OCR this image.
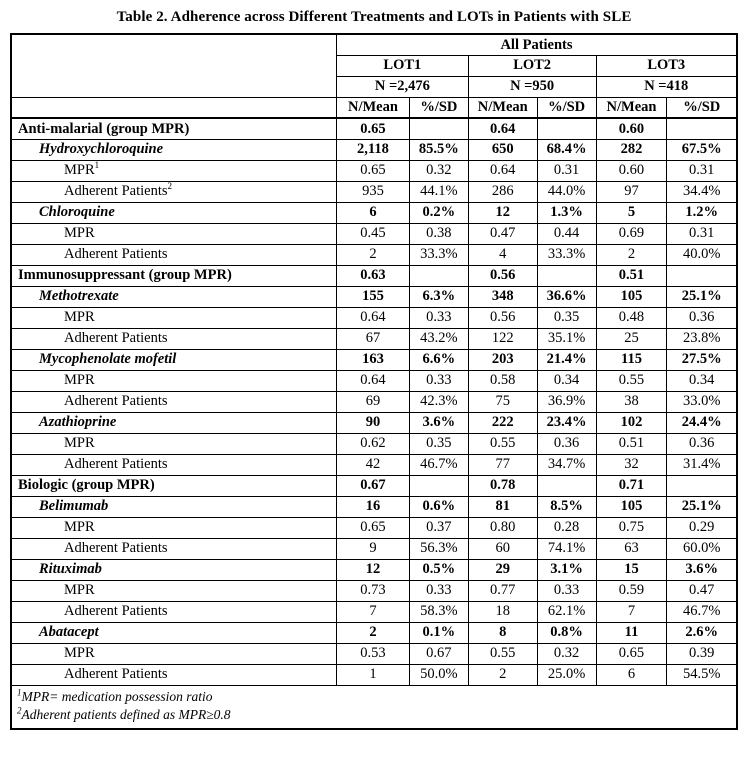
Table 2. Adherence across Different Treatments and LOTs in Patients with SLE
	All Patients					
	LOT1		LOT2		LOT3	
	N =2,476		N =950		N =418	
	N/Mean	%/SD	N/Mean	%/SD	N/Mean	%/SD
Anti-malarial (group MPR)	0.65		0.64		0.60	
Hydroxychloroquine	2,118	85.5%	650	68.4%	282	67.5%
MPR$^1$	0.65	0.32	0.64	0.31	0.60	0.31
Adherent Patients$^2$	935	44.1%	286	44.0%	97	34.4%
Chloroquine	6	0.2%	12	1.3%	5	1.2%
MPR	0.45	0.38	0.47	0.44	0.69	0.31
Adherent Patients	2	33.3%	4	33.3%	2	40.0%
Immunosuppressant (group MPR)	0.63		0.56		0.51	
Methotrexate	155	6.3%	348	36.6%	105	25.1%
MPR	0.64	0.33	0.56	0.35	0.48	0.36
Adherent Patients	67	43.2%	122	35.1%	25	23.8%
Mycophenolate mofetil	163	6.6%	203	21.4%	115	27.5%
MPR	0.64	0.33	0.58	0.34	0.55	0.34
Adherent Patients	69	42.3%	75	36.9%	38	33.0%
Azathioprine	90	3.6%	222	23.4%	102	24.4%
MPR	0.62	0.35	0.55	0.36	0.51	0.36
Adherent Patients	42	46.7%	77	34.7%	32	31.4%
Biologic (group MPR)	0.67		0.78		0.71	
Belimumab	16	0.6%	81	8.5%	105	25.1%
MPR	0.65	0.37	0.80	0.28	0.75	0.29
Adherent Patients	9	56.3%	60	74.1%	63	60.0%
Rituximab	12	0.5%	29	3.1%	15	3.6%
MPR	0.73	0.33	0.77	0.33	0.59	0.47
Adherent Patients	7	58.3%	18	62.1%	7	46.7%
Abatacept	2	0.1%	8	0.8%	11	2.6%
MPR	0.53	0.67	0.55	0.32	0.65	0.39
Adherent Patients	1	50.0%	2	25.0%	6	54.5%

$^1$MPR= medication possession ratio
$^2$Adherent patients defined as MPR≥0.8						
